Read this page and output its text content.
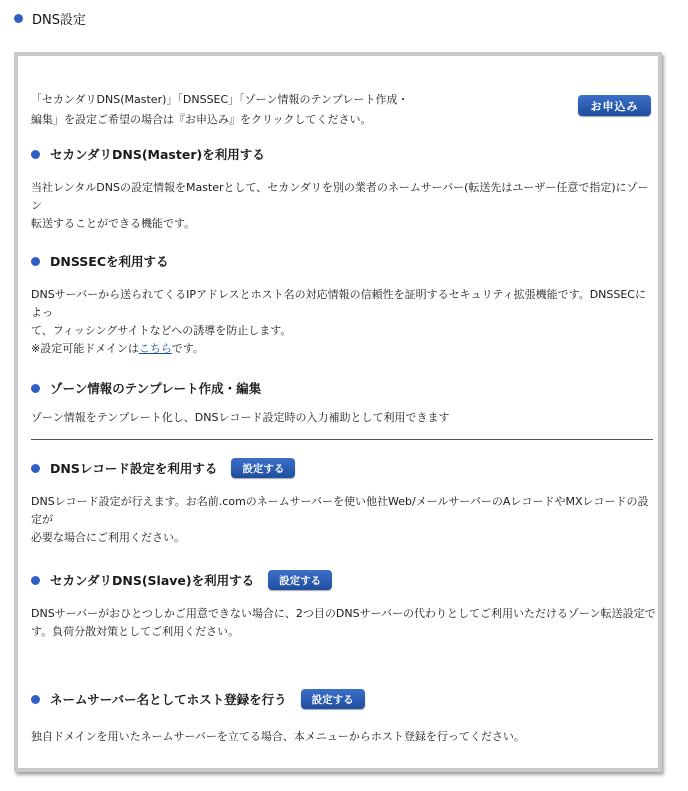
DNS設定
「セカンダリDNS(Master)」「DNSSEC」「ゾーン情報のテンプレート作成・
編集」を設定ご希望の場合は『お申込み』をクリックしてください。
お申込み
セカンダリDNS(Master)を利用する
当社レンタルDNSの設定情報をMasterとして、セカンダリを別の業者のネームサーバー(転送先はユーザー任意で指定)にゾーン
転送することができる機能です。
DNSSECを利用する
DNSサーバーから送られてくるIPアドレスとホスト名の対応情報の信頼性を証明するセキュリティ拡張機能です。DNSSECによっ
て、フィッシングサイトなどへの誘導を防止します。
※設定可能ドメインはこちらです。
ゾーン情報のテンプレート作成・編集
ゾーン情報をテンプレート化し、DNSレコード設定時の入力補助として利用できます
DNSレコード設定を利用する	設定する
DNSレコード設定が行えます。お名前.comのネームサーバーを使い他社Web/メールサーバーのAレコードやMXレコードの設定が
必要な場合にご利用ください。
セカンダリDNS(Slave)を利用する	設定する
DNSサーバーがおひとつしかご用意できない場合に、2つ目のDNSサーバーの代わりとしてご利用いただけるゾーン転送設定で
す。負荷分散対策としてご利用ください。
ネームサーバー名としてホスト登録を行う	設定する
独自ドメインを用いたネームサーバーを立てる場合、本メニューからホスト登録を行ってください。
